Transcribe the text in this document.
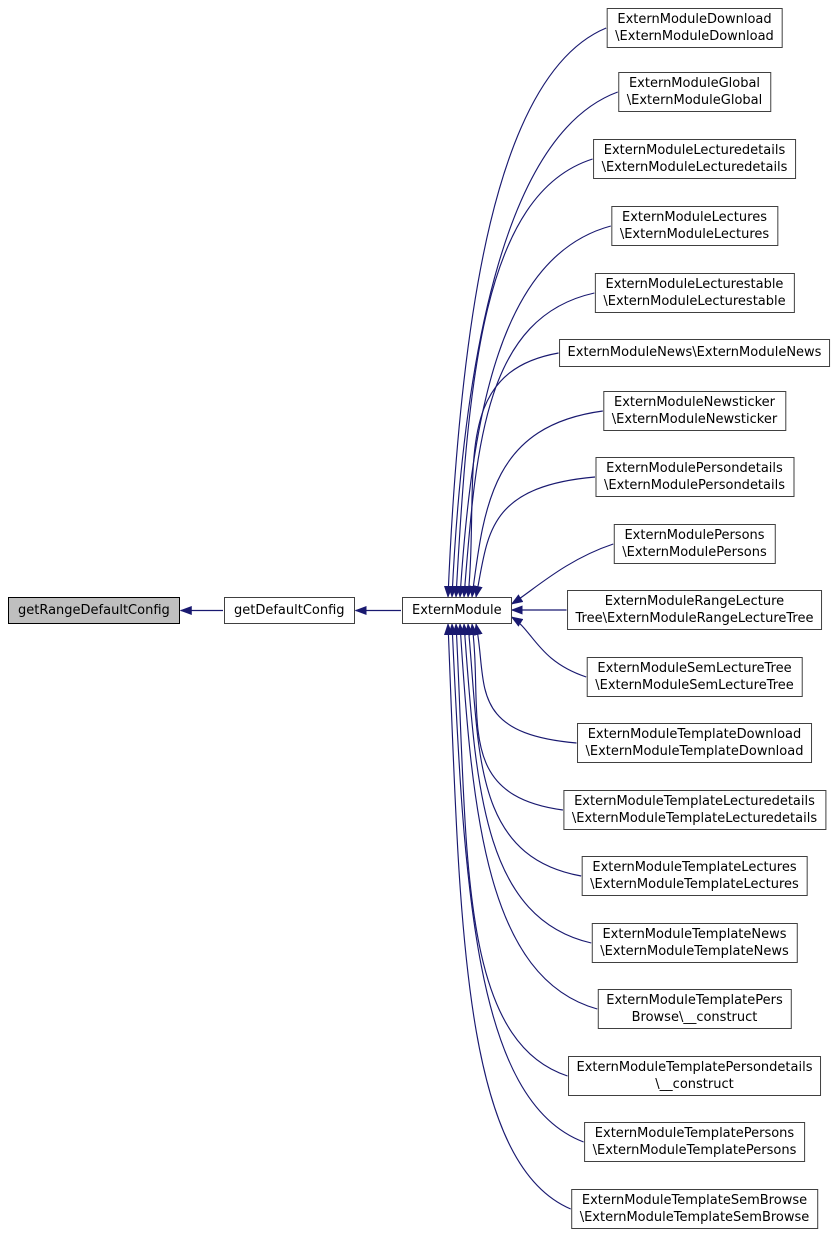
getRangeDefaultConfig	getDefaultConfig	ExternModule
ExternModuleDownload
\ExternModuleDownload
ExternModuleGlobal
\ExternModuleGlobal
ExternModuleLecturedetails
\ExternModuleLecturedetails
ExternModuleLectures
\ExternModuleLectures
ExternModuleLecturestable
\ExternModuleLecturestable
ExternModuleNews\ExternModuleNews
ExternModuleNewsticker
\ExternModuleNewsticker
ExternModulePersondetails
\ExternModulePersondetails
ExternModulePersons
\ExternModulePersons
ExternModuleRangeLecture
Tree\ExternModuleRangeLectureTree
ExternModuleSemLectureTree
\ExternModuleSemLectureTree
ExternModuleTemplateDownload
\ExternModuleTemplateDownload
ExternModuleTemplateLecturedetails
\ExternModuleTemplateLecturedetails
ExternModuleTemplateLectures
\ExternModuleTemplateLectures
ExternModuleTemplateNews
\ExternModuleTemplateNews
ExternModuleTemplatePers
Browse\__construct
ExternModuleTemplatePersondetails
\__construct
ExternModuleTemplatePersons
\ExternModuleTemplatePersons
ExternModuleTemplateSemBrowse
\ExternModuleTemplateSemBrowse
